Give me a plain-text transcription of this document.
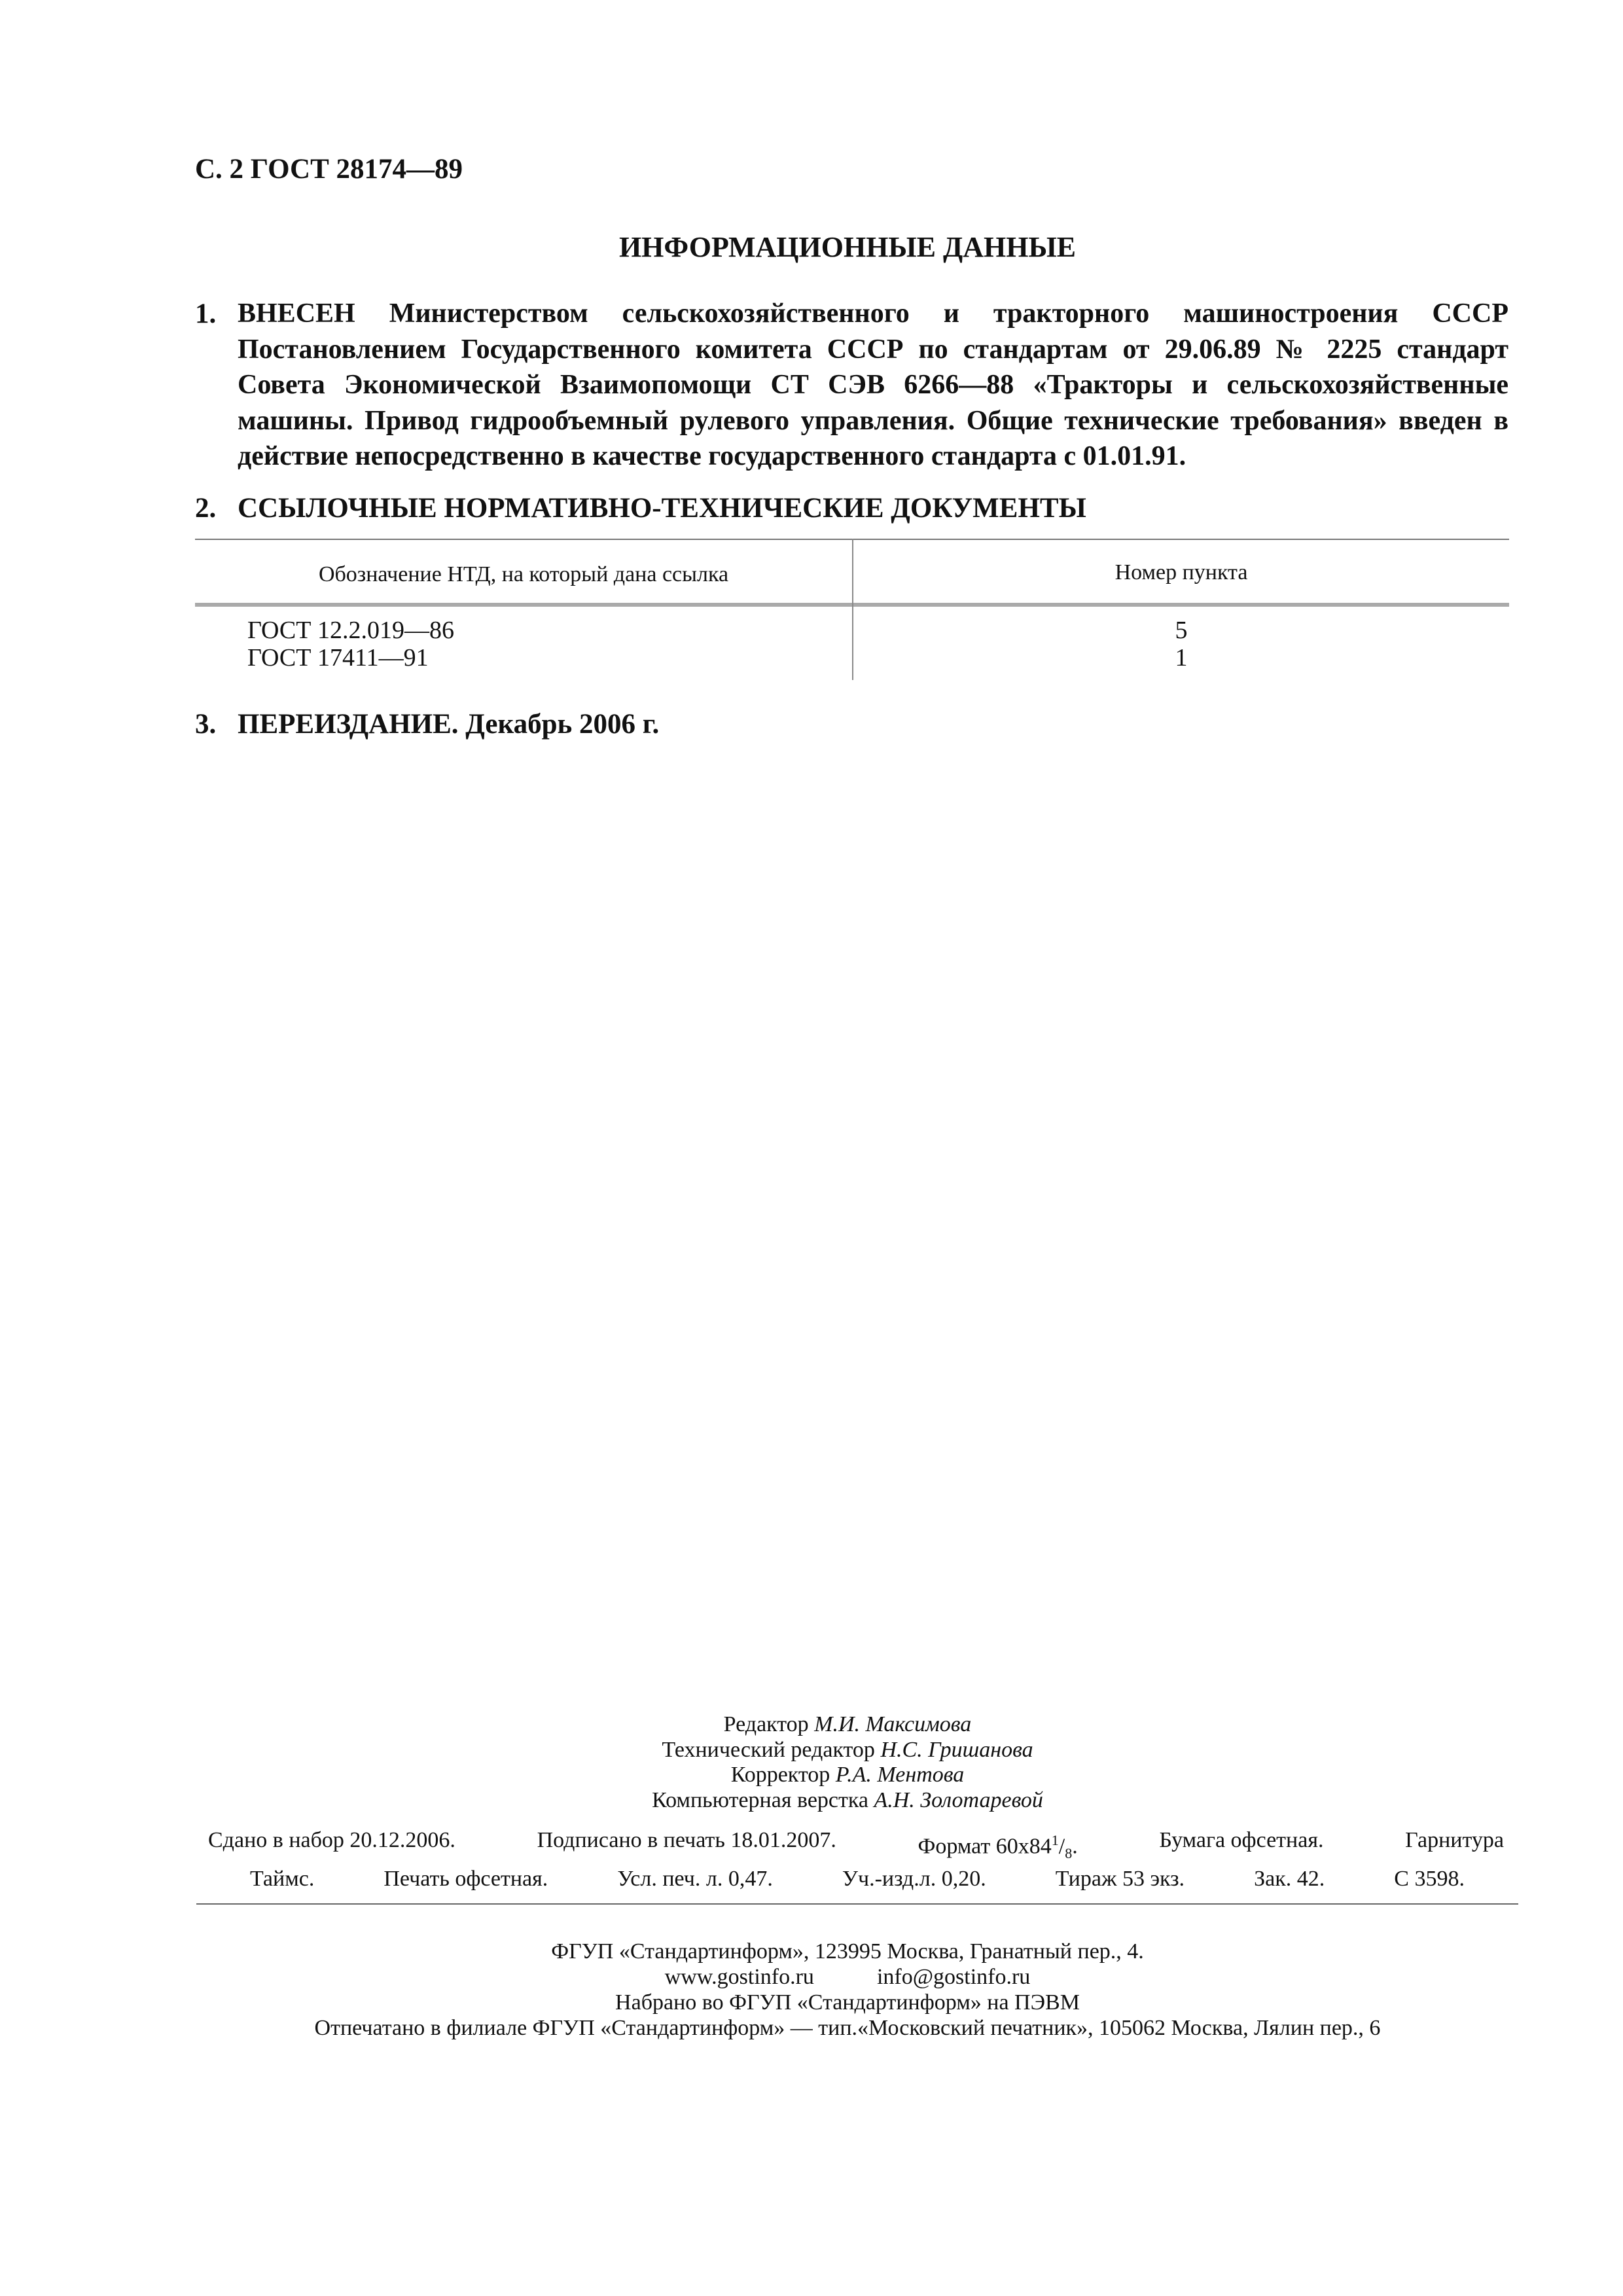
С. 2 ГОСТ 28174—89
ИНФОРМАЦИОННЫЕ ДАННЫЕ
1. ВНЕСЕН Министерством сельскохозяйственного и тракторного машиностроения СССР
Постановлением Государственного комитета СССР по стандартам от 29.06.89 № 2225 стандарт
Совета Экономической Взаимопомощи СТ СЭВ 6266—88 «Тракторы и сельскохозяйственные
машины. Привод гидрообъемный рулевого управления. Общие технические требования» введен в
действие непосредственно в качестве государственного стандарта с 01.01.91.
2. ССЫЛОЧНЫЕ НОРМАТИВНО-ТЕХНИЧЕСКИЕ ДОКУМЕНТЫ
Обозначение НТД, на который дана ссылка	Номер пункта
ГОСТ 12.2.019—86	5
ГОСТ 17411—91	1
3. ПЕРЕИЗДАНИЕ. Декабрь 2006 г.
Редактор М.И. Максимова
Технический редактор Н.С. Гришанова
Корректор Р.А. Ментова
Компьютерная верстка А.Н. Золотаревой
Сдано в набор 20.12.2006.	Подписано в печать 18.01.2007.	Формат $60x84^1/_8$.	Бумага офсетная.	Гарнитура
Таймс.	Печать офсетная.	Усл. печ. л. 0,47.	Уч.-изд.л. 0,20.	Тираж 53 экз.	Зак. 42.	С 3598.
ФГУП «Стандартинформ», 123995 Москва, Гранатный пер., 4.
www.gostinfo.ru	info@gostinfo.ru
Набрано во ФГУП «Стандартинформ» на ПЭВМ
Отпечатано в филиале ФГУП «Стандартинформ» — тип.«Московский печатник», 105062 Москва, Лялин пер., 6
